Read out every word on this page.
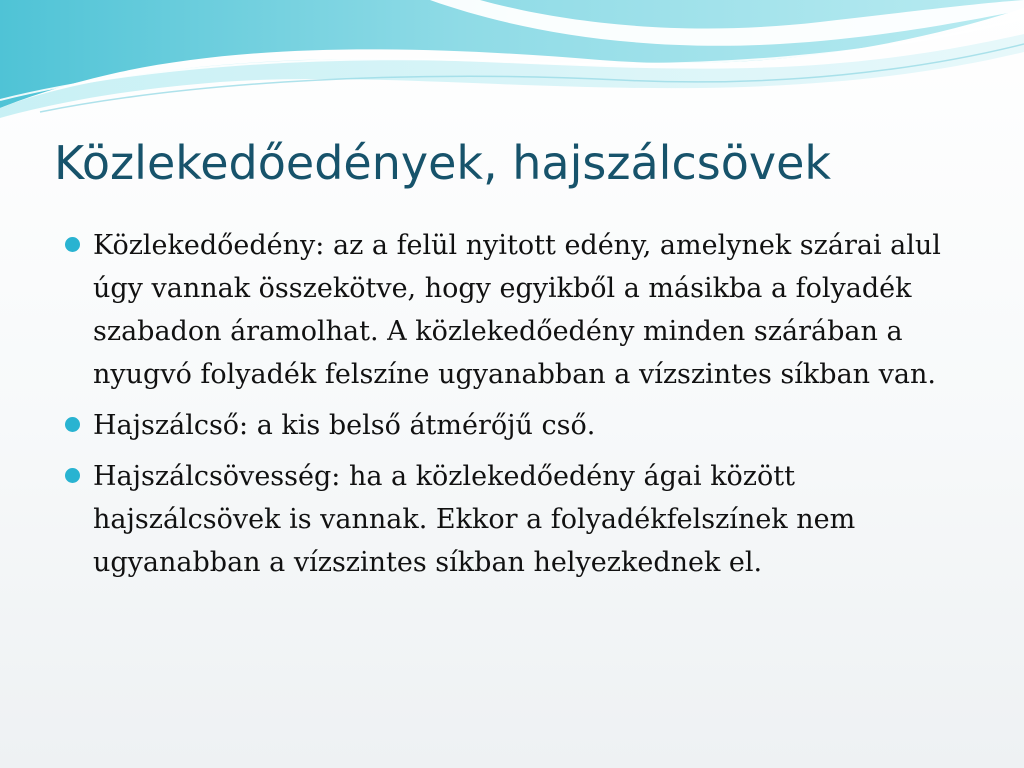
Közlekedőedények, hajszálcsövek
Közlekedőedény: az a felül nyitott edény, amelynek szárai alul úgy vannak összekötve, hogy egyikből a másikba a folyadék szabadon áramolhat. A közlekedőedény minden szárában a nyugvó folyadék felszíne ugyanabban a vízszintes síkban van.
Hajszálcső: a kis belső átmérőjű cső.
Hajszálcsövesség: ha a közlekedőedény ágai között hajszálcsövek is vannak. Ekkor a folyadékfelszínek nem ugyanabban a vízszintes síkban helyezkednek el.
